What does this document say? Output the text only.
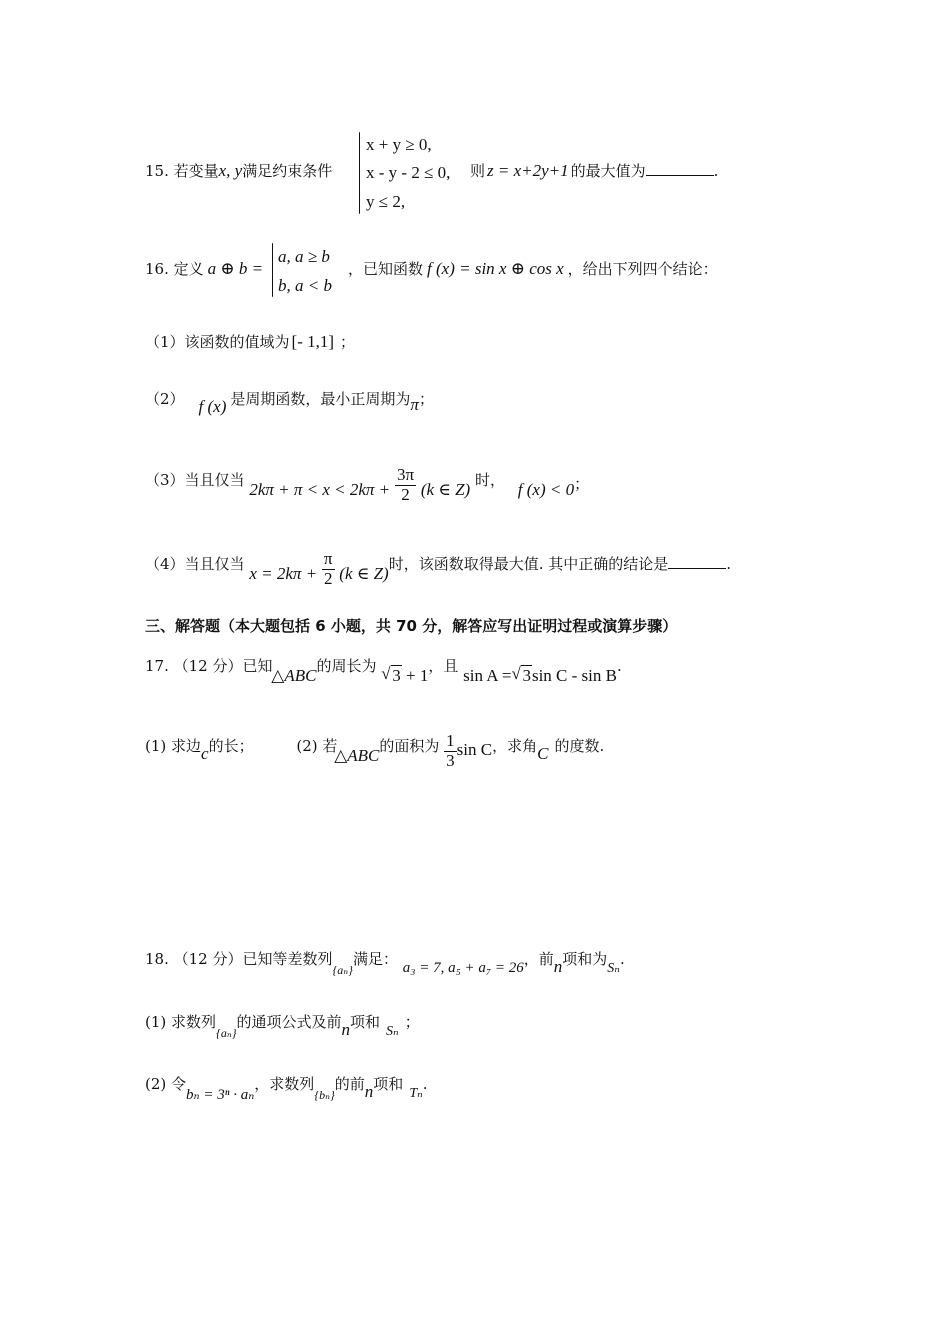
15. 若变量x, y满足约束条件
x + y ≥ 0,
x - y - 2 ≤ 0,
y ≤ 2,
则 z = x+2y+1 的最大值为	.
16. 定义 a ⊕ b =
a, a ≥ b
b, a < b
，已知函数 f (x) = sin x ⊕ cos x ，给出下列四个结论：
（1）该函数的值域为 [- 1,1] ；
（2） f (x) 是周期函数，最小正周期为π；
（3）当且仅当 $2k\pi + \pi < x < 2k\pi + \frac{3\pi}{2} (k$ ∈ Z) 时， f (x) < 0；
（4）当且仅当 $x = 2k\pi + \frac{\pi}{2} (k$ ∈ Z)时，该函数取得最大值. 其中正确的结论是	.
三、解答题（本大题包括 6 小题，共 70 分，解答应写出证明过程或演算步骤）
17. （12 分）已知 △ABC的周长为 √ 3 + 1，且 sin A = √ 3sin C - sin B.
(1) 求边c的长；	(2) 若 △ABC的面积为 $\frac{1}{3}$ sin C，求角C 的度数.
18. （12 分）已知等差数列$_{\{a_n\}}$满足： a₃ = 7, a₅ + a₇ = 26，前n项和为Sₙ.
(1) 求数列$_{\{a_n\}}$的通项公式及前n项和Sₙ；
(2) 令bₙ = 3ⁿ · aₙ，求数列$_{\{b_n\}}$的前n项和Tₙ.
